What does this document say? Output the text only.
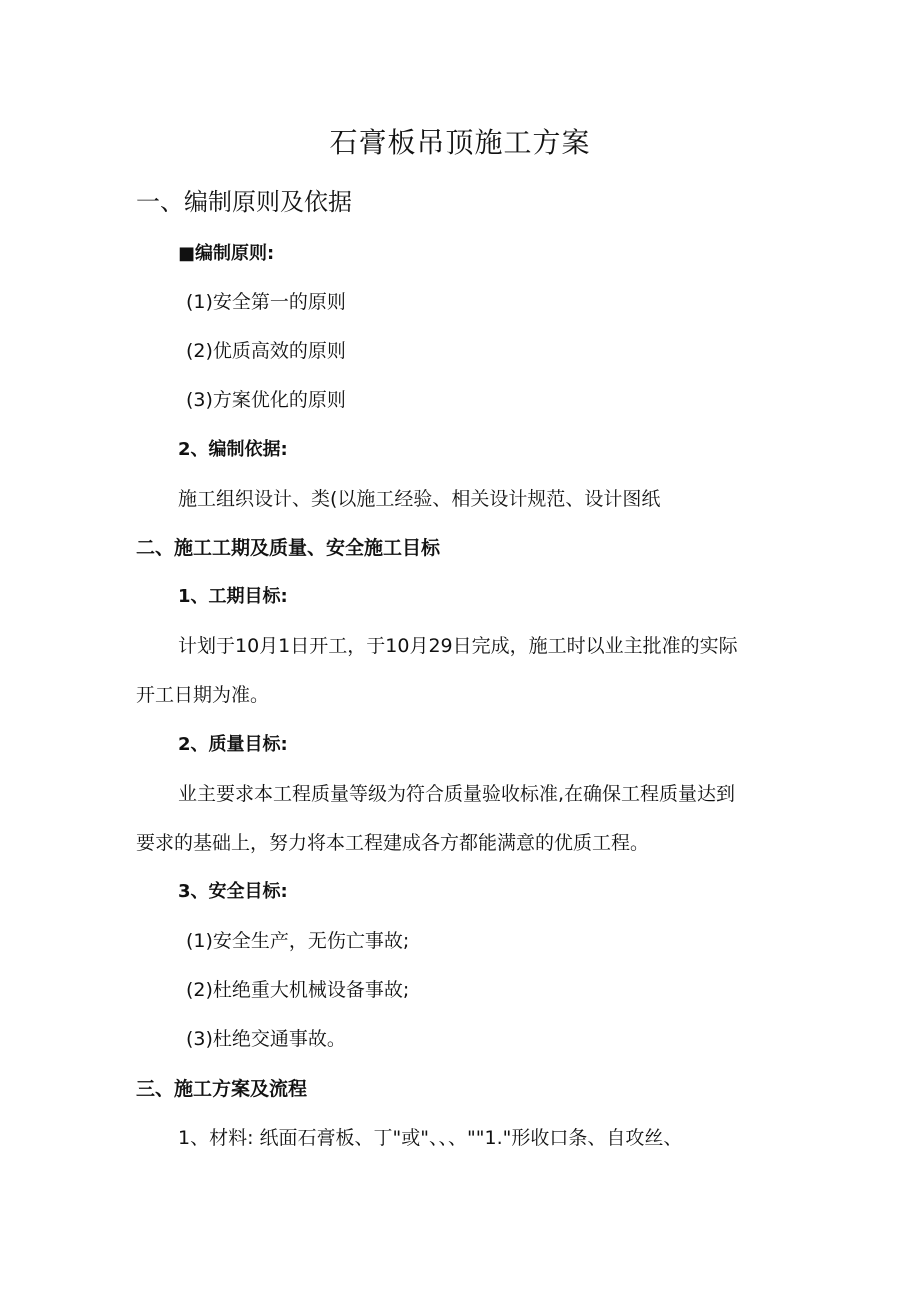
石膏板吊顶施工方案
一、编制原则及依据
■编制原则:
(1)安全第一的原则
(2)优质高效的原则
(3)方案优化的原则
2、编制依据:
施工组织设计、类(以施工经验、相关设计规范、设计图纸
二、施工工期及质量、安全施工目标
1、工期目标:
计划于10月1日开工，于10月29日完成，施工时以业主批准的实际
开工日期为准。
2、质量目标:
业主要求本工程质量等级为符合质量验收标准,在确保工程质量达到
要求的基础上，努力将本工程建成各方都能满意的优质工程。
3、安全目标:
(1)安全生产，无伤亡事故;
(2)杜绝重大机械设备事故;
(3)杜绝交通事故。
三、施工方案及流程
1、材料: 纸面石膏板、丁"或"、、、""1."形收口条、自攻丝、
